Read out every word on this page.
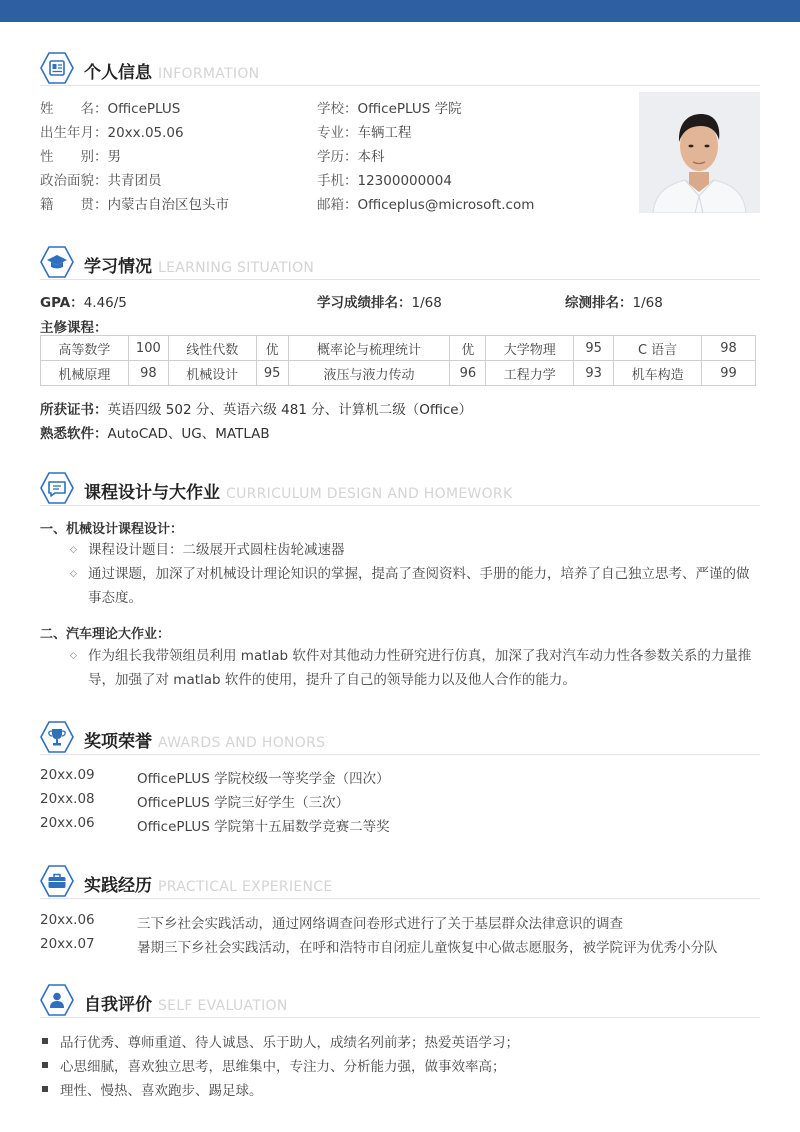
个人信息 INFORMATION
姓　　名：OfficePLUS
出生年月：20xx.05.06
性　　别：男
政治面貌：共青团员
籍　　贯：内蒙古自治区包头市
学校：OfficePLUS 学院
专业：车辆工程
学历：本科
手机：12300000004
邮箱：Officeplus@microsoft.com
学习情况 LEARNING SITUATION
GPA：4.46/5	学习成绩排名：1/68	综测排名：1/68
主修课程：
高等数学	100	线性代数	优	概率论与梳理统计	优	大学物理	95	C 语言	98
机械原理	98	机械设计	95	液压与液力传动	96	工程力学	93	机车构造	99
所获证书：英语四级 502 分、英语六级 481 分、计算机二级（Office）
熟悉软件：AutoCAD、UG、MATLAB
课程设计与大作业 CURRICULUM DESIGN AND HOMEWORK
一、机械设计课程设计：
◇ 课程设计题目：二级展开式圆柱齿轮减速器
◇ 通过课题，加深了对机械设计理论知识的掌握，提高了查阅资料、手册的能力，培养了自己独立思考、严谨的做事态度。
二、汽车理论大作业：
◇ 作为组长我带领组员利用 matlab 软件对其他动力性研究进行仿真，加深了我对汽车动力性各参数关系的力量推导，加强了对 matlab 软件的使用，提升了自己的领导能力以及他人合作的能力。
奖项荣誉 AWARDS AND HONORS
20xx.09	OfficePLUS 学院校级一等奖学金（四次）
20xx.08	OfficePLUS 学院三好学生（三次）
20xx.06	OfficePLUS 学院第十五届数学竞赛二等奖
实践经历 PRACTICAL EXPERIENCE
20xx.06	三下乡社会实践活动，通过网络调查问卷形式进行了关于基层群众法律意识的调查
20xx.07	暑期三下乡社会实践活动，在呼和浩特市自闭症儿童恢复中心做志愿服务，被学院评为优秀小分队
自我评价 SELF EVALUATION
品行优秀、尊师重道、待人诚恳、乐于助人，成绩名列前茅；热爱英语学习；
心思细腻，喜欢独立思考，思维集中，专注力、分析能力强，做事效率高；
理性、慢热、喜欢跑步、踢足球。
